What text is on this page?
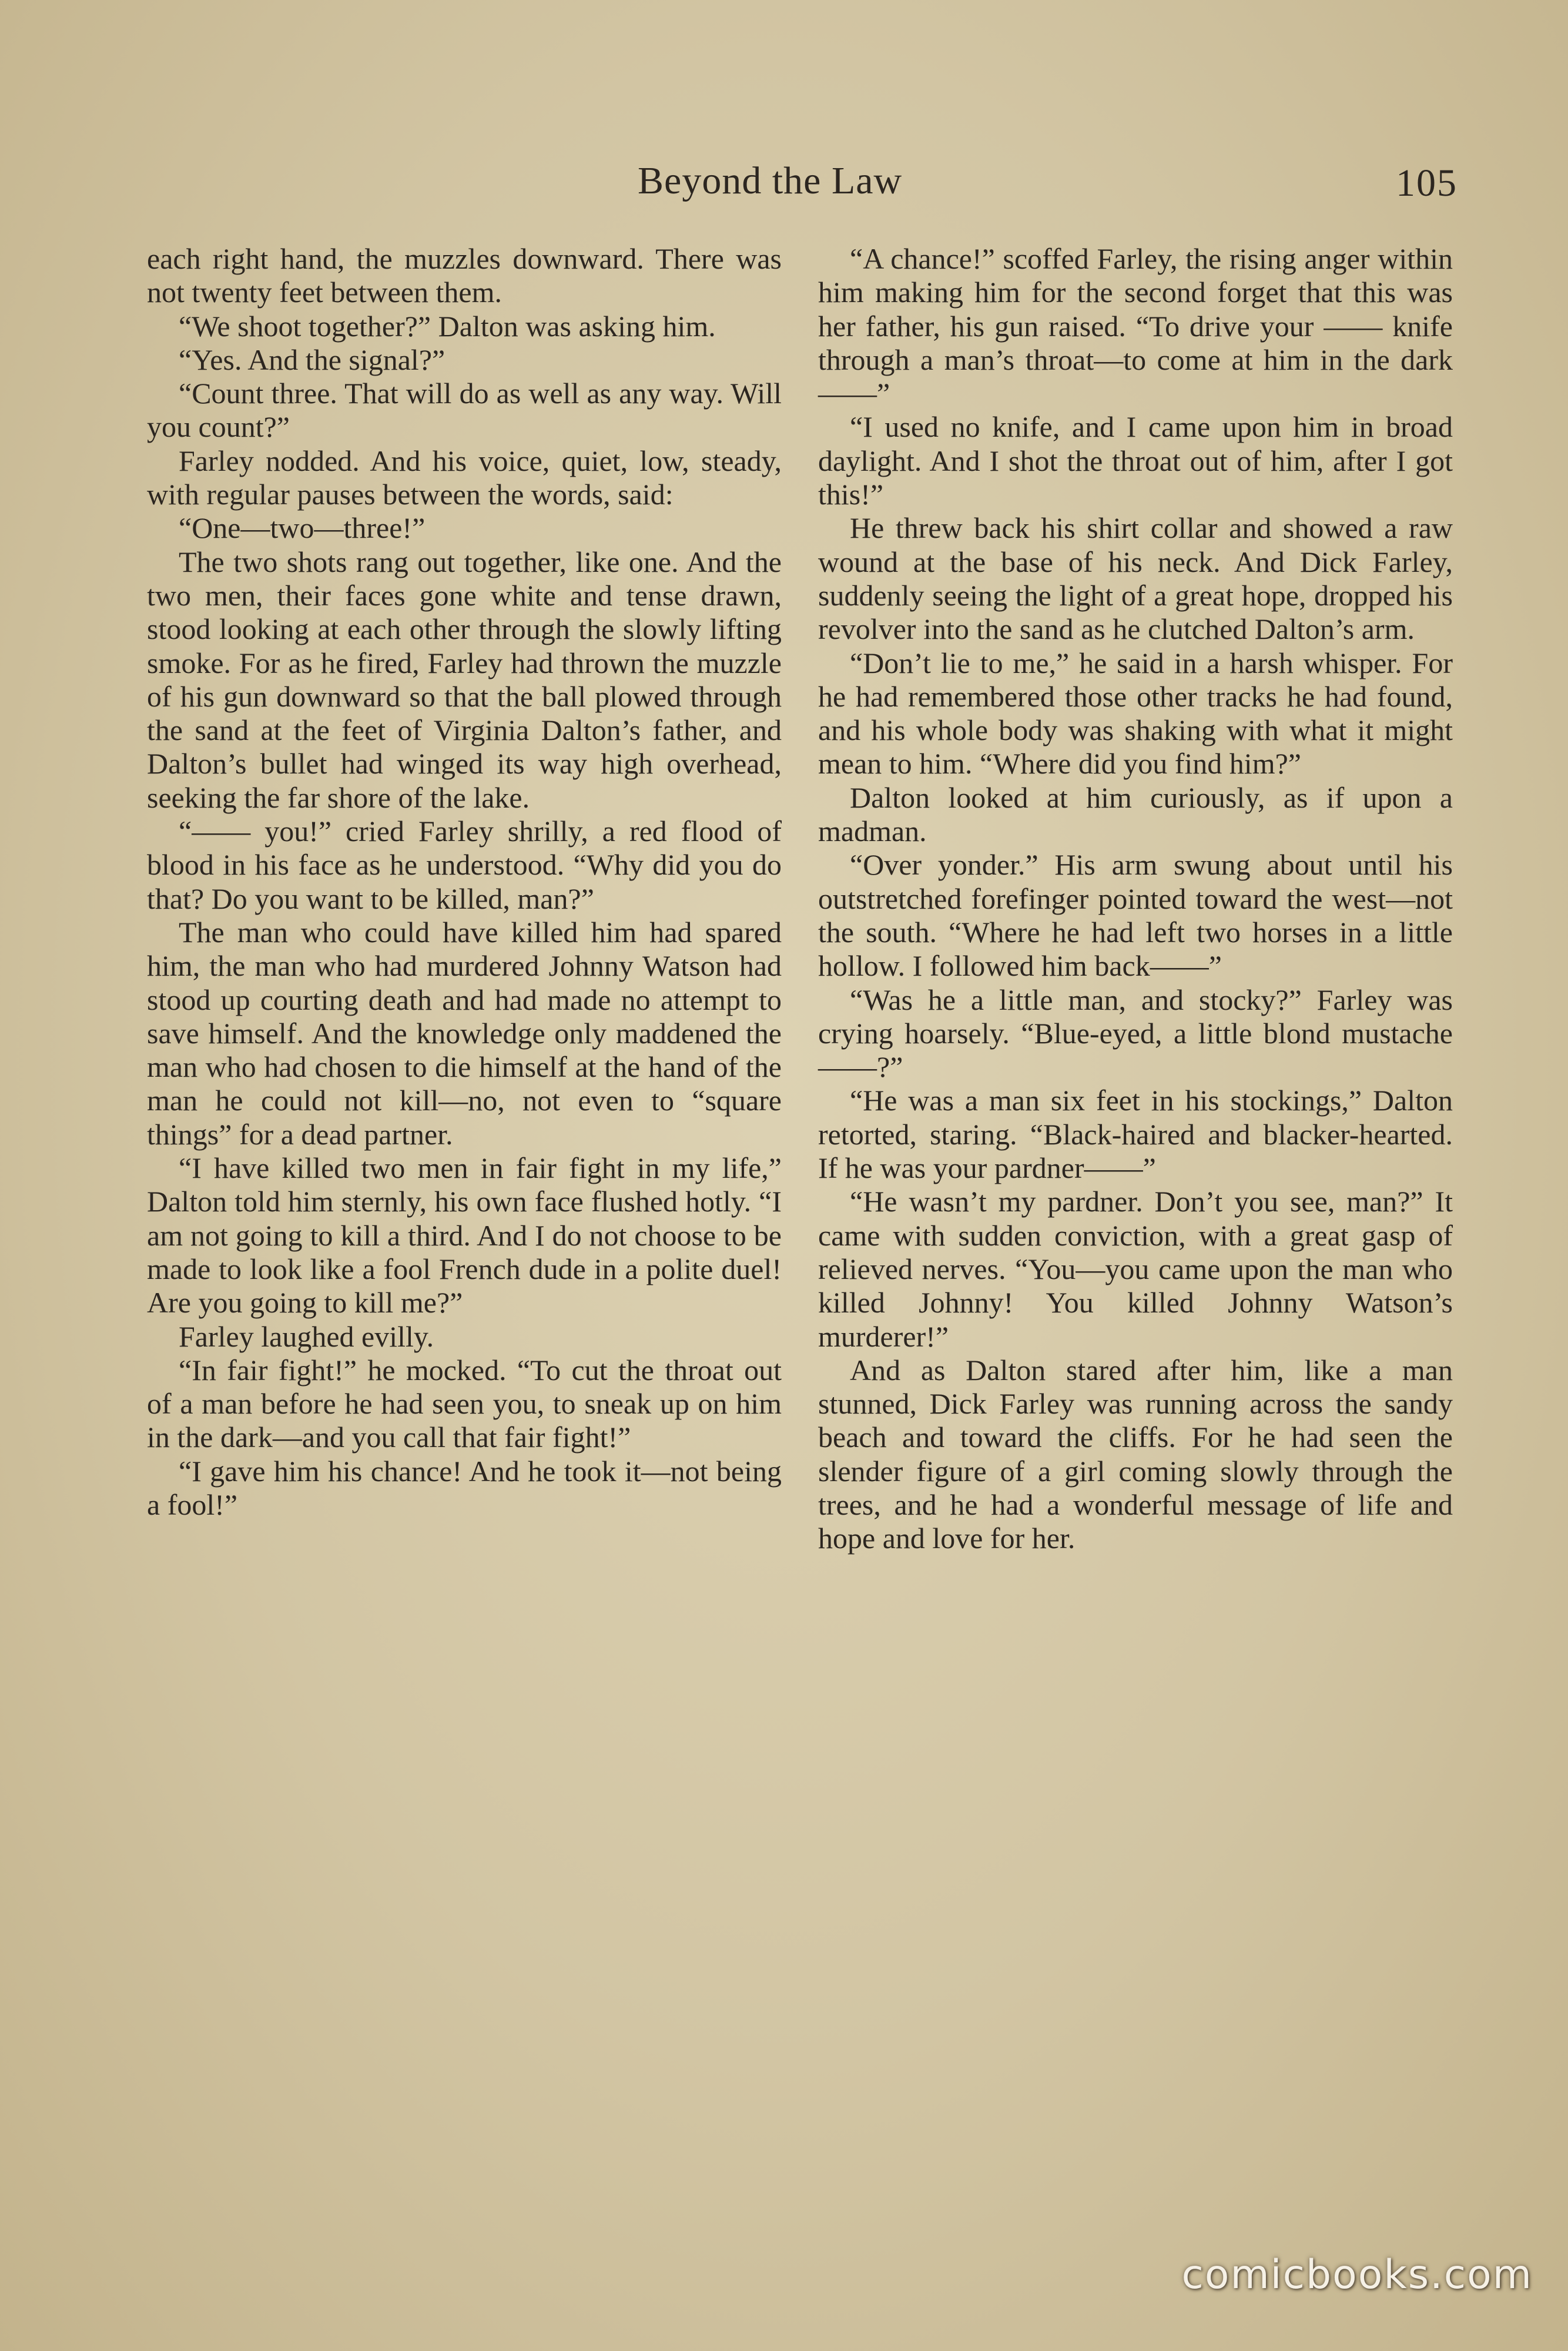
Beyond the Law	105

each right hand, the muzzles downward. There was not twenty feet between them.

“We shoot together?” Dalton was asking him.

“Yes. And the signal?”

“Count three. That will do as well as any way. Will you count?”

Farley nodded. And his voice, quiet, low, steady, with regular pauses between the words, said:

“One—two—three!”

The two shots rang out together, like one. And the two men, their faces gone white and tense drawn, stood looking at each other through the slowly lifting smoke. For as he fired, Farley had thrown the muzzle of his gun downward so that the ball plowed through the sand at the feet of Virginia Dalton’s father, and Dalton’s bullet had winged its way high overhead, seeking the far shore of the lake.

“—— you!” cried Farley shrilly, a red flood of blood in his face as he understood. “Why did you do that? Do you want to be killed, man?”

The man who could have killed him had spared him, the man who had murdered Johnny Watson had stood up courting death and had made no attempt to save himself. And the knowledge only maddened the man who had chosen to die himself at the hand of the man he could not kill—no, not even to “square things” for a dead partner.

“I have killed two men in fair fight in my life,” Dalton told him sternly, his own face flushed hotly. “I am not going to kill a third. And I do not choose to be made to look like a fool French dude in a polite duel! Are you going to kill me?”

Farley laughed evilly.

“In fair fight!” he mocked. “To cut the throat out of a man before he had seen you, to sneak up on him in the dark—and you call that fair fight!”

“I gave him his chance! And he took it—not being a fool!”

“A chance!” scoffed Farley, the rising anger within him making him for the second forget that this was her father, his gun raised. “To drive your —— knife through a man’s throat—to come at him in the dark——”

“I used no knife, and I came upon him in broad daylight. And I shot the throat out of him, after I got this!”

He threw back his shirt collar and showed a raw wound at the base of his neck. And Dick Farley, suddenly seeing the light of a great hope, dropped his revolver into the sand as he clutched Dalton’s arm.

“Don’t lie to me,” he said in a harsh whisper. For he had remembered those other tracks he had found, and his whole body was shaking with what it might mean to him. “Where did you find him?”

Dalton looked at him curiously, as if upon a madman.

“Over yonder.” His arm swung about until his outstretched forefinger pointed toward the west—not the south. “Where he had left two horses in a little hollow. I followed him back——”

“Was he a little man, and stocky?” Farley was crying hoarsely. “Blue-eyed, a little blond mustache——?”

“He was a man six feet in his stockings,” Dalton retorted, staring. “Black-haired and blacker-hearted. If he was your pardner——”

“He wasn’t my pardner. Don’t you see, man?” It came with sudden conviction, with a great gasp of relieved nerves. “You—you came upon the man who killed Johnny! You killed Johnny Watson’s murderer!”

And as Dalton stared after him, like a man stunned, Dick Farley was running across the sandy beach and toward the cliffs. For he had seen the slender figure of a girl coming slowly through the trees, and he had a wonderful message of life and hope and love for her.

comicbooks.com
